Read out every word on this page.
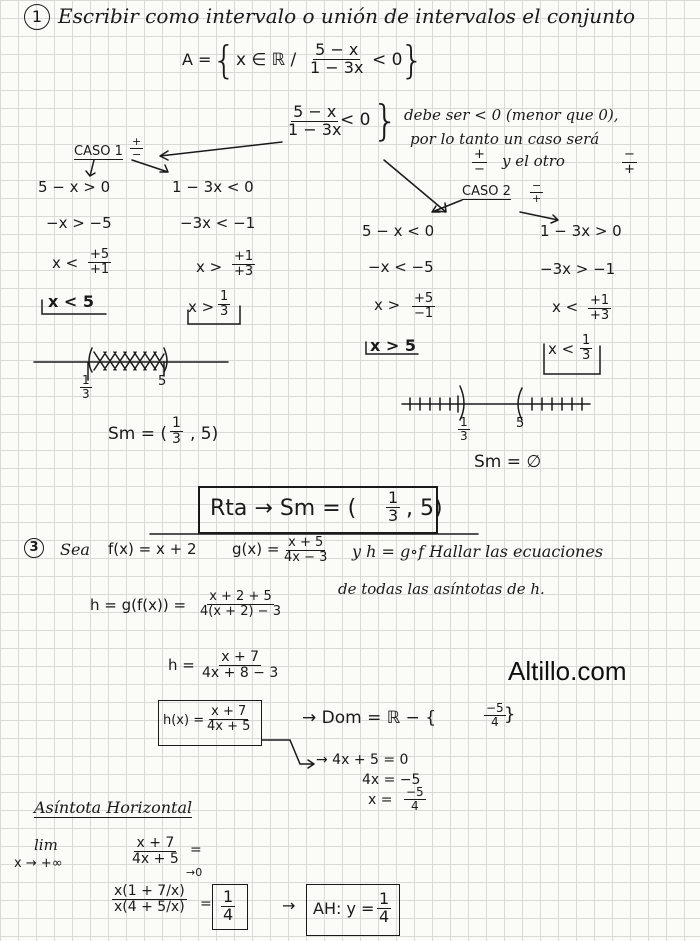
1 Escribir como intervalo o unión de intervalos el conjunto
A = { x ∈ ℝ / $\frac{5 - x}{1 - 3x} < 0$
}
$\frac{5 - x}{1 - 3x}$
< 0 } debe ser < 0 (menor que 0),
por lo tanto un caso será
+
− y el otro	−
+
CASO 1
+
−
5 − x > 0
−x > −5
$x < \frac{+5}{+1}$
x < 5
1 − 3x < 0
−3x < −1
$x > \frac{+1}{+3}$
$x > \frac{1}{3}$
$\frac{1}{3}$	5
Sm = ( $\frac{1}{3}$ , 5)
CASO 2 −
+
5 − x < 0
−x < −5
$x > \frac{+5}{-1}$
x > 5
1 − 3x > 0
−3x > −1
$x < \frac{+1}{+3}$
$x < \frac{1}{3}$
$\frac{1}{3}$	5
Sm = ∅
Rta → Sm = ( $\frac{1}{3}$ , 5)
3	Sea f(x) = x + 2 $g(x) = \frac{x + 5}{4x - 3}$ y h = g∘f Hallar las ecuaciones
de todas las asíntotas de h.
$h = g(f(x)) = \frac{x + 2 + 5}{4(x + 2) - 3}$
$h = \frac{x + 7}{4x + 8 - 3}$
$h(x) = \frac{x + 7}{4x + 5}$	→ Dom = ℝ − {	$\frac{-5}{4}$
}
→ 4x + 5 = 0
4x = −5
$x = \frac{-5}{4}$
Asíntota Horizontal
lim
x → +∞	$\frac{x + 7}{4x + 5}$ =
→0
$\frac{x(1 + 7/x)}{x(4 + 5/x)} = \frac{1}{4}$	→ AH: $y = \frac{1}{4}$
Altillo.com
